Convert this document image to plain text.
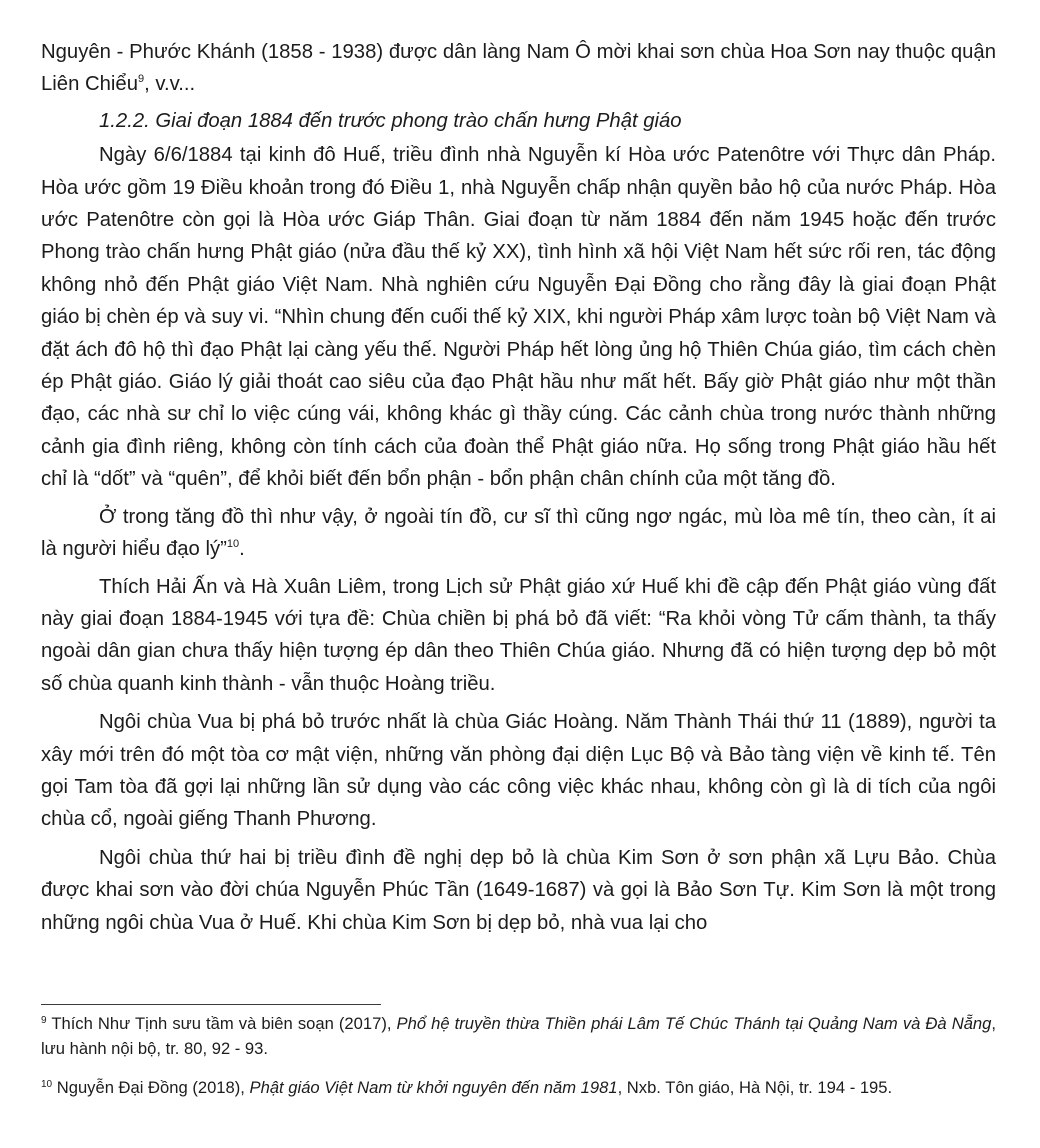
Nguyên - Phước Khánh (1858 - 1938) được dân làng Nam Ô mời khai sơn chùa Hoa Sơn nay thuộc quận Liên Chiểu$^9$, v.v...

1.2.2. Giai đoạn 1884 đến trước phong trào chấn hưng Phật giáo

Ngày 6/6/1884 tại kinh đô Huế, triều đình nhà Nguyễn kí Hòa ước Patenôtre với Thực dân Pháp. Hòa ước gồm 19 Điều khoản trong đó Điều 1, nhà Nguyễn chấp nhận quyền bảo hộ của nước Pháp. Hòa ước Patenôtre còn gọi là Hòa ước Giáp Thân. Giai đoạn từ năm 1884 đến năm 1945 hoặc đến trước Phong trào chấn hưng Phật giáo (nửa đầu thế kỷ XX), tình hình xã hội Việt Nam hết sức rối ren, tác động không nhỏ đến Phật giáo Việt Nam. Nhà nghiên cứu Nguyễn Đại Đồng cho rằng đây là giai đoạn Phật giáo bị chèn ép và suy vi. “Nhìn chung đến cuối thế kỷ XIX, khi người Pháp xâm lược toàn bộ Việt Nam và đặt ách đô hộ thì đạo Phật lại càng yếu thế. Người Pháp hết lòng ủng hộ Thiên Chúa giáo, tìm cách chèn ép Phật giáo. Giáo lý giải thoát cao siêu của đạo Phật hầu như mất hết. Bấy giờ Phật giáo như một thần đạo, các nhà sư chỉ lo việc cúng vái, không khác gì thầy cúng. Các cảnh chùa trong nước thành những cảnh gia đình riêng, không còn tính cách của đoàn thể Phật giáo nữa. Họ sống trong Phật giáo hầu hết chỉ là “dốt” và “quên”, để khỏi biết đến bổn phận - bổn phận chân chính của một tăng đồ.

Ở trong tăng đồ thì như vậy, ở ngoài tín đồ, cư sĩ thì cũng ngơ ngác, mù lòa mê tín, theo càn, ít ai là người hiểu đạo lý”$^{10}$.

Thích Hải Ấn và Hà Xuân Liêm, trong Lịch sử Phật giáo xứ Huế khi đề cập đến Phật giáo vùng đất này giai đoạn 1884-1945 với tựa đề: Chùa chiền bị phá bỏ đã viết: “Ra khỏi vòng Tử cấm thành, ta thấy ngoài dân gian chưa thấy hiện tượng ép dân theo Thiên Chúa giáo. Nhưng đã có hiện tượng dẹp bỏ một số chùa quanh kinh thành - vẫn thuộc Hoàng triều.

Ngôi chùa Vua bị phá bỏ trước nhất là chùa Giác Hoàng. Năm Thành Thái thứ 11 (1889), người ta xây mới trên đó một tòa cơ mật viện, những văn phòng đại diện Lục Bộ và Bảo tàng viện về kinh tế. Tên gọi Tam tòa đã gợi lại những lần sử dụng vào các công việc khác nhau, không còn gì là di tích của ngôi chùa cổ, ngoài giếng Thanh Phương.

Ngôi chùa thứ hai bị triều đình đề nghị dẹp bỏ là chùa Kim Sơn ở sơn phận xã Lựu Bảo. Chùa được khai sơn vào đời chúa Nguyễn Phúc Tần (1649-1687) và gọi là Bảo Sơn Tự. Kim Sơn là một trong những ngôi chùa Vua ở Huế. Khi chùa Kim Sơn bị dẹp bỏ, nhà vua lại cho

$^9$ Thích Như Tịnh sưu tầm và biên soạn (2017), Phổ hệ truyền thừa Thiền phái Lâm Tế Chúc Thánh tại Quảng Nam và Đà Nẵng, lưu hành nội bộ, tr. 80, 92 - 93.

$^{10}$ Nguyễn Đại Đồng (2018), Phật giáo Việt Nam từ khởi nguyên đến năm 1981, Nxb. Tôn giáo, Hà Nội, tr. 194 - 195.
